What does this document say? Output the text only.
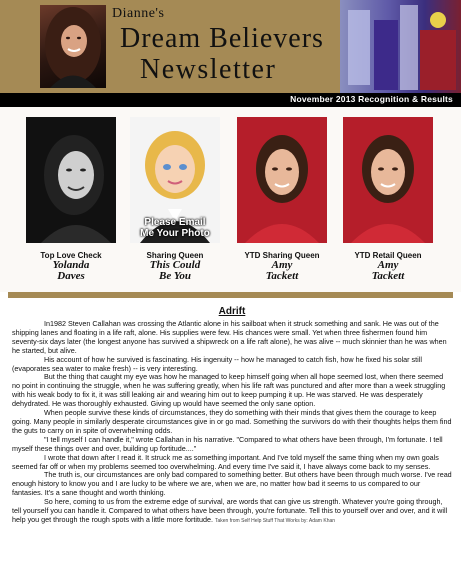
Dianne's
Dream Believers
Newsletter
November 2013 Recognition & Results
Top Love Check
Yolanda
Daves
Please Email
Me Your Photo
Sharing Queen
This Could
Be You
YTD Sharing Queen
Amy
Tackett
YTD Retail Queen
Amy
Tackett
Adrift

In1982 Steven Callahan was crossing the Atlantic alone in his sailboat when it struck something and sank. He was out of the shipping lanes and floating in a life raft, alone. His supplies were few. His chances were small. Yet when three fishermen found him seventy-six days later (the longest anyone has survived a shipwreck on a life raft alone), he was alive -- much skinnier than he was when he started, but alive.

His account of how he survived is fascinating. His ingenuity -- how he managed to catch fish, how he fixed his solar still (evaporates sea water to make fresh) -- is very interesting.

But the thing that caught my eye was how he managed to keep himself going when all hope seemed lost, when there seemed no point in continuing the struggle, when he was suffering greatly, when his life raft was punctured and after more than a week struggling with his weak body to fix it, it was still leaking air and wearing him out to keep pumping it up. He was starved. He was desperately dehydrated. He was thoroughly exhausted. Giving up would have seemed the only sane option.

When people survive these kinds of circumstances, they do something with their minds that gives them the courage to keep going. Many people in similarly desperate circumstances give in or go mad. Something the survivors do with their thoughts helps them find the guts to carry on in spite of overwhelming odds.

"I tell myself I can handle it," wrote Callahan in his narrative. "Compared to what others have been through, I'm fortunate. I tell myself these things over and over, building up fortitude...."

I wrote that down after I read it. It struck me as something important. And I've told myself the same thing when my own goals seemed far off or when my problems seemed too overwhelming. And every time I've said it, I have always come back to my senses.

The truth is, our circumstances are only bad compared to something better. But others have been through much worse. I've read enough history to know you and I are lucky to be where we are, when we are, no matter how bad it seems to us compared to our fantasies. It's a sane thought and worth thinking.

So here, coming to us from the extreme edge of survival, are words that can give us strength. Whatever you're going through, tell yourself you can handle it. Compared to what others have been through, you're fortunate. Tell this to yourself over and over, and it will help you get through the rough spots with a little more fortitude. Taken from Self Help Stuff That Works by: Adam Khan
